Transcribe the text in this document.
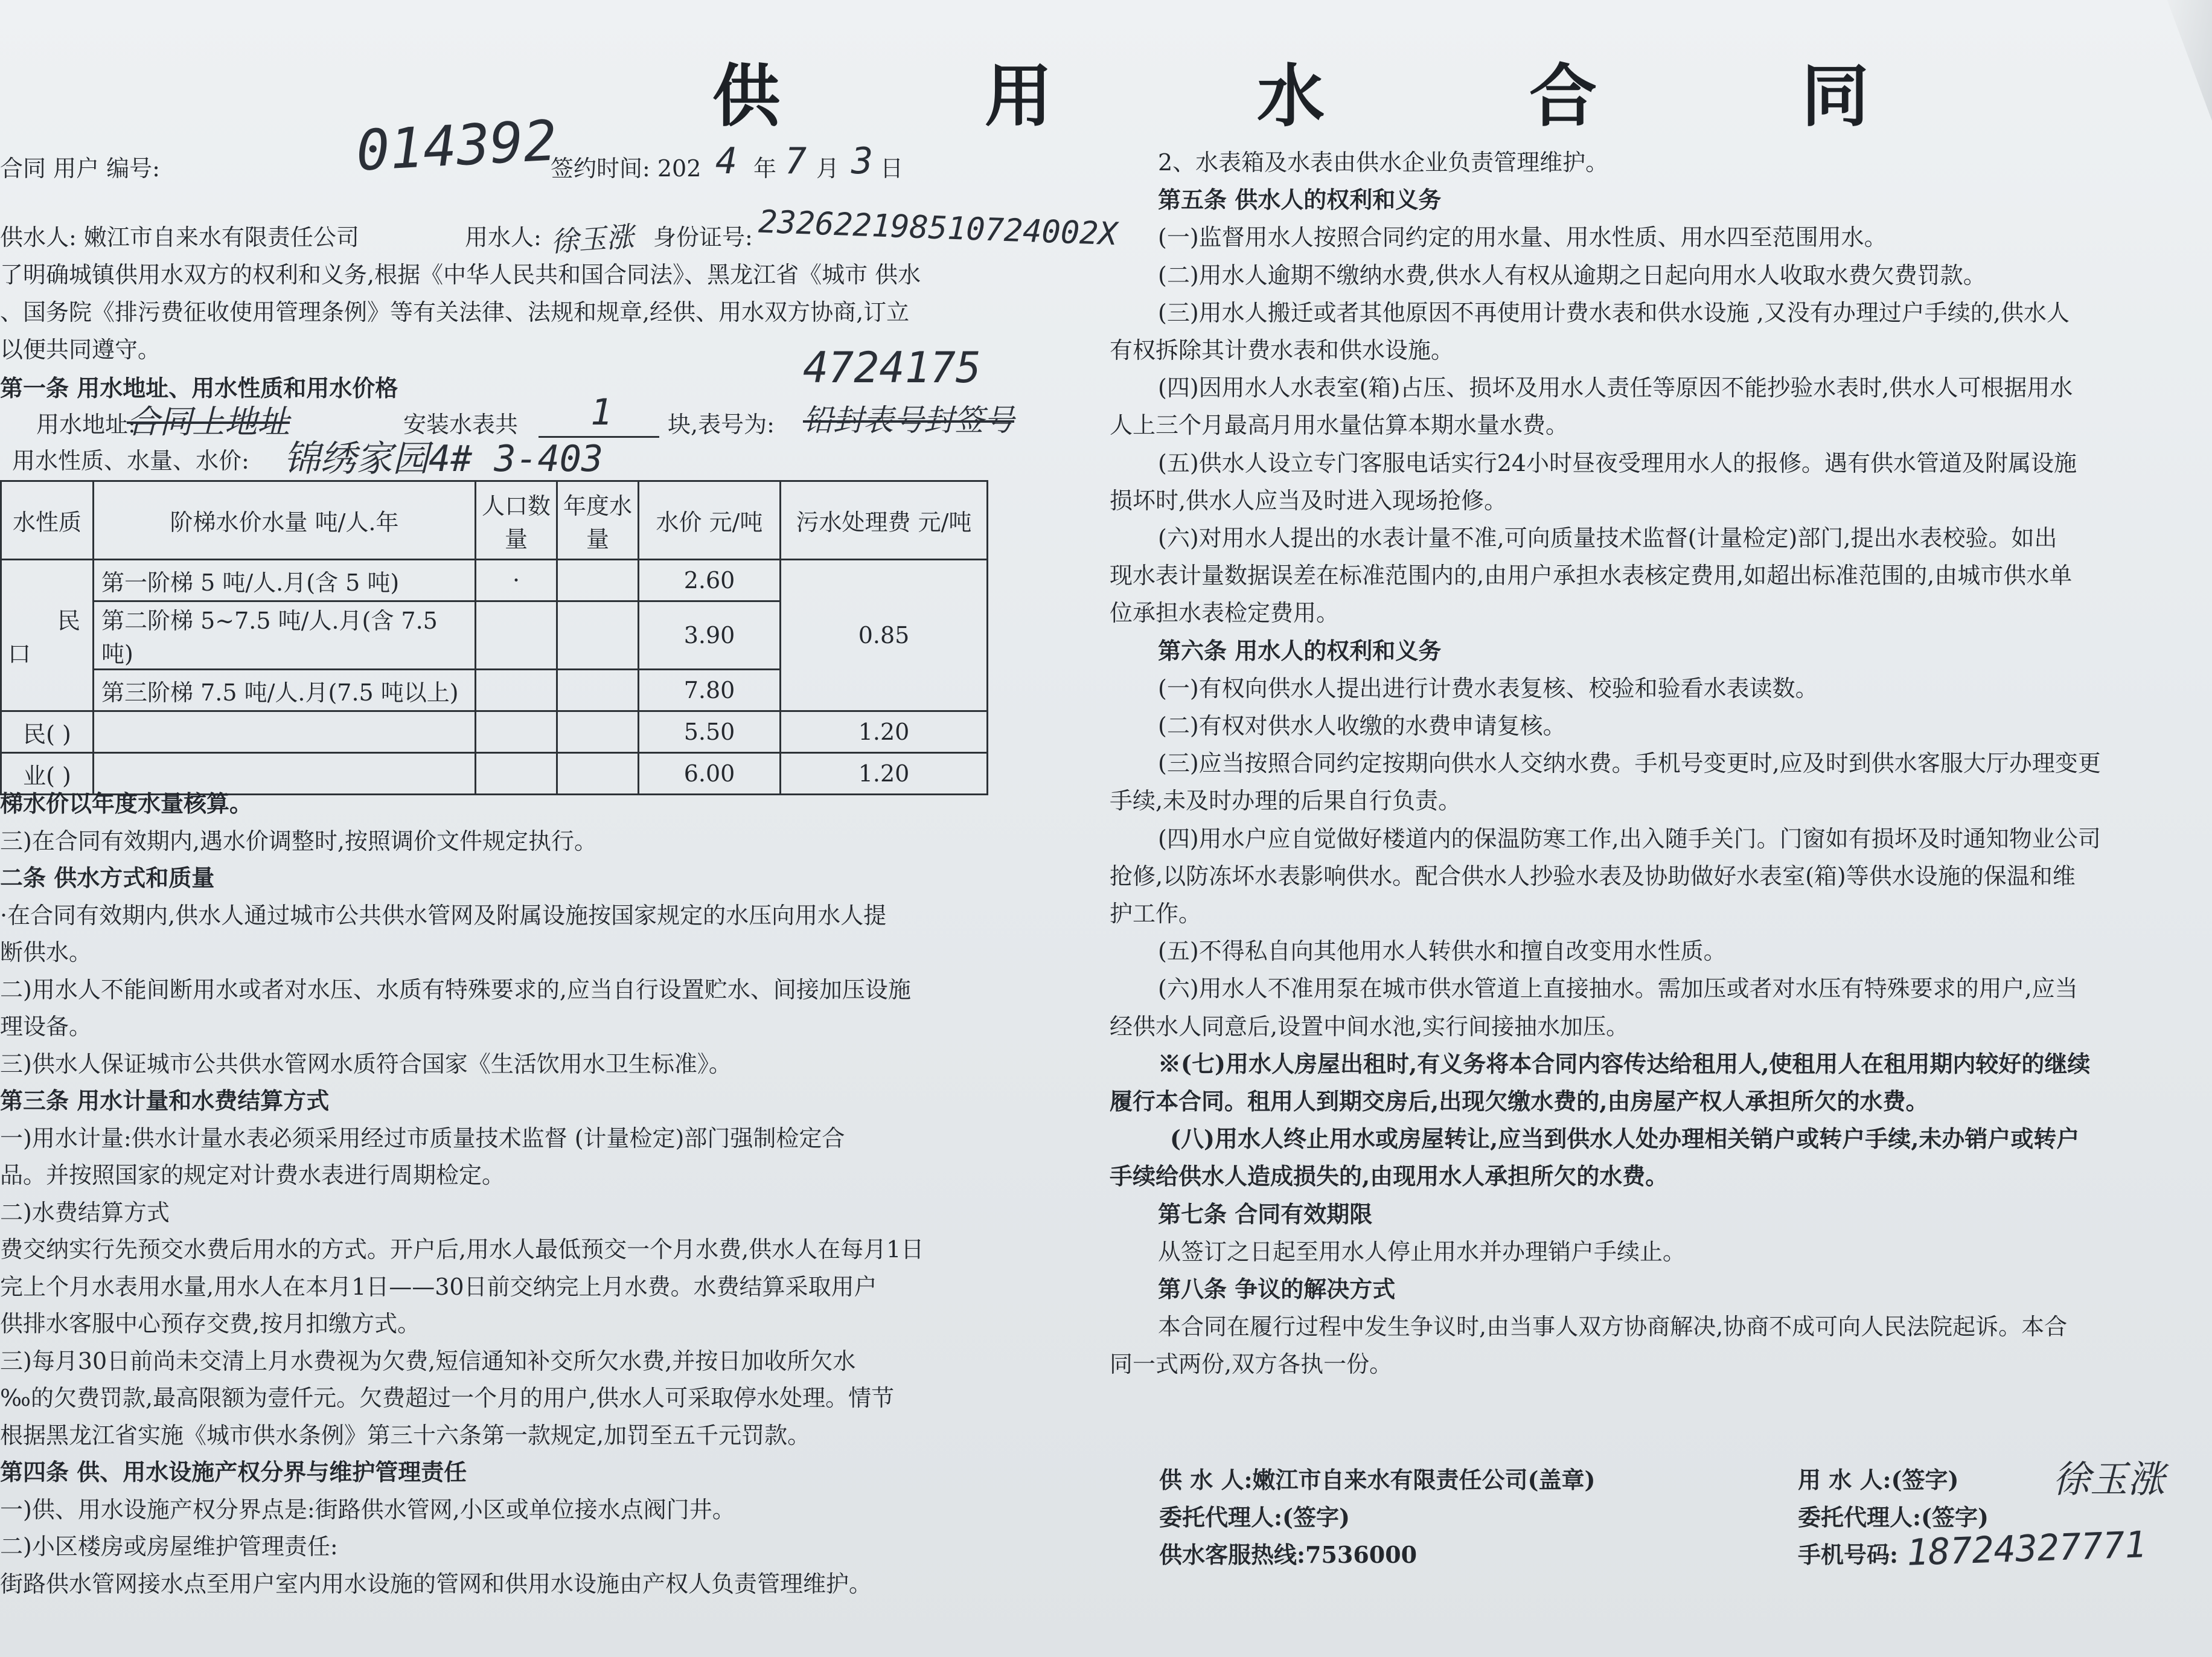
供 用 水 合 同
合同 用户 编号:	014392
签约时间: 202 4 年 7 月 3 日
供水人: 嫩江市自来水有限责任公司	用水人: 徐玉涨 身份证号: 232622198510724002X
了明确城镇供用水双方的权利和义务,根据《中华人民共和国合同法》、黑龙江省《城市 供水
、国务院《排污费征收使用管理条例》等有关法律、法规和规章,经供、用水双方协商,订立
以便共同遵守。
第一条 用水地址、用水性质和用水价格	4724175
用水地址:
合同上地址	安装水表共 1 块,表号为: 铅封表号封签号
用水性质、水量、水价: 锦绣家园4# 3-403
水性质	阶梯水价水量 吨/人.年	人口数量	年度水量	水价 元/吨	污水处理费 元/吨

民
口	第一阶梯 5 吨/人.月(含 5 吨)	·		2.60	0.85
	第二阶梯 5~7.5 吨/人.月(含 7.5 吨)			3.90	
	第三阶梯 7.5 吨/人.月(7.5 吨以上)			7.80	
民( )				5.50	1.20
业( )				6.00	1.20
梯水价以年度水量核算。
三)在合同有效期内,遇水价调整时,按照调价文件规定执行。
二条 供水方式和质量
·在合同有效期内,供水人通过城市公共供水管网及附属设施按国家规定的水压向用水人提
断供水。
二)用水人不能间断用水或者对水压、水质有特殊要求的,应当自行设置贮水、间接加压设施
理设备。
三)供水人保证城市公共供水管网水质符合国家《生活饮用水卫生标准》。
第三条 用水计量和水费结算方式
一)用水计量:供水计量水表必须采用经过市质量技术监督 (计量检定)部门强制检定合
品。并按照国家的规定对计费水表进行周期检定。
二)水费结算方式
费交纳实行先预交水费后用水的方式。开户后,用水人最低预交一个月水费,供水人在每月1日
完上个月水表用水量,用水人在本月1日——30日前交纳完上月水费。水费结算采取用户
供排水客服中心预存交费,按月扣缴方式。
三)每月30日前尚未交清上月水费视为欠费,短信通知补交所欠水费,并按日加收所欠水
‰的欠费罚款,最高限额为壹仟元。欠费超过一个月的用户,供水人可采取停水处理。情节
根据黑龙江省实施《城市供水条例》第三十六条第一款规定,加罚至五千元罚款。
第四条 供、用水设施产权分界与维护管理责任
一)供、用水设施产权分界点是:街路供水管网,小区或单位接水点阀门井。
二)小区楼房或房屋维护管理责任:
街路供水管网接水点至用户室内用水设施的管网和供用水设施由产权人负责管理维护。
2、水表箱及水表由供水企业负责管理维护。
第五条 供水人的权利和义务
(一)监督用水人按照合同约定的用水量、用水性质、用水四至范围用水。
(二)用水人逾期不缴纳水费,供水人有权从逾期之日起向用水人收取水费欠费罚款。
(三)用水人搬迁或者其他原因不再使用计费水表和供水设施 ,又没有办理过户手续的,供水人
有权拆除其计费水表和供水设施。
(四)因用水人水表室(箱)占压、损坏及用水人责任等原因不能抄验水表时,供水人可根据用水
人上三个月最高月用水量估算本期水量水费。
(五)供水人设立专门客服电话实行24小时昼夜受理用水人的报修。遇有供水管道及附属设施
损坏时,供水人应当及时进入现场抢修。
(六)对用水人提出的水表计量不准,可向质量技术监督(计量检定)部门,提出水表校验。如出
现水表计量数据误差在标准范围内的,由用户承担水表核定费用,如超出标准范围的,由城市供水单
位承担水表检定费用。
第六条 用水人的权利和义务
(一)有权向供水人提出进行计费水表复核、校验和验看水表读数。
(二)有权对供水人收缴的水费申请复核。
(三)应当按照合同约定按期向供水人交纳水费。手机号变更时,应及时到供水客服大厅办理变更
手续,未及时办理的后果自行负责。
(四)用水户应自觉做好楼道内的保温防寒工作,出入随手关门。门窗如有损坏及时通知物业公司
抢修,以防冻坏水表影响供水。配合供水人抄验水表及协助做好水表室(箱)等供水设施的保温和维
护工作。
(五)不得私自向其他用水人转供水和擅自改变用水性质。
(六)用水人不准用泵在城市供水管道上直接抽水。需加压或者对水压有特殊要求的用户,应当
经供水人同意后,设置中间水池,实行间接抽水加压。
※(七)用水人房屋出租时,有义务将本合同内容传达给租用人,使租用人在租用期内较好的继续
履行本合同。租用人到期交房后,出现欠缴水费的,由房屋产权人承担所欠的水费。
(八)用水人终止用水或房屋转让,应当到供水人处办理相关销户或转户手续,未办销户或转户
手续给供水人造成损失的,由现用水人承担所欠的水费。
第七条 合同有效期限
从签订之日起至用水人停止用水并办理销户手续止。
第八条 争议的解决方式
本合同在履行过程中发生争议时,由当事人双方协商解决,协商不成可向人民法院起诉。本合
同一式两份,双方各执一份。
供 水 人:嫩江市自来水有限责任公司(盖章)
委托代理人:(签字)
供水客服热线:7536000
用 水 人:(签字)	徐玉涨
委托代理人:(签字)
手机号码: 18724327771
